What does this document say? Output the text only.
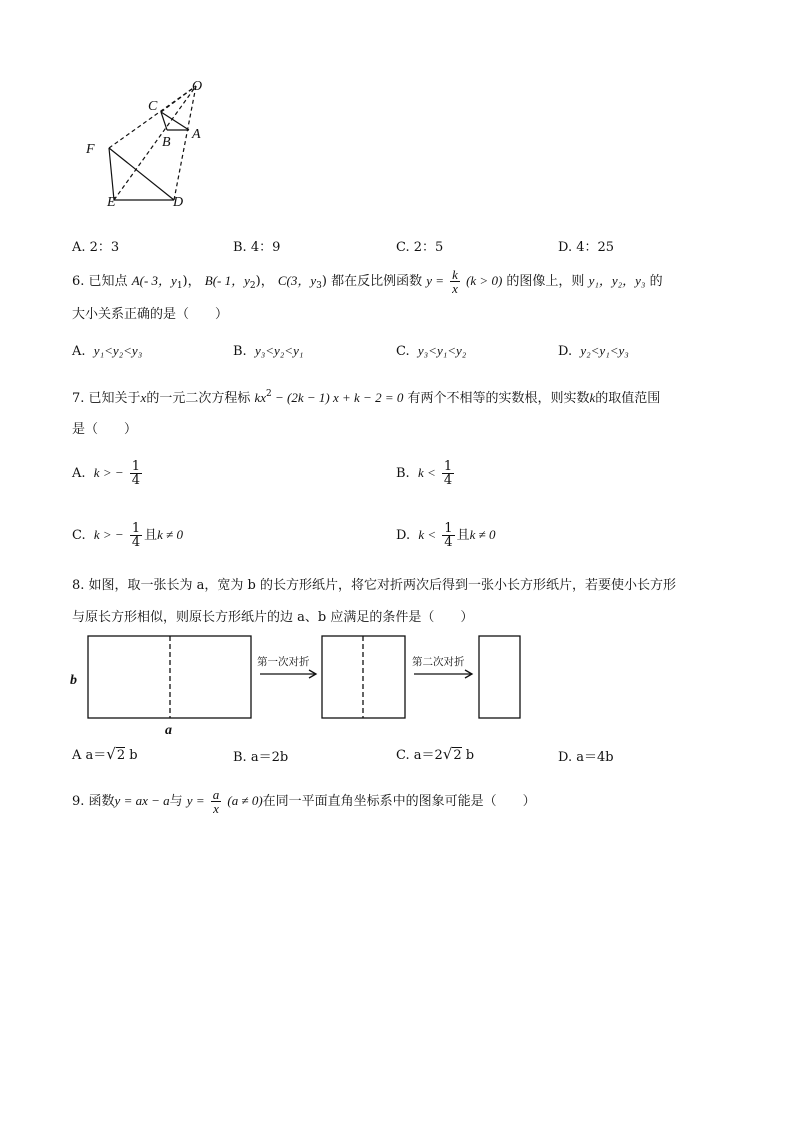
O
C
B
A
F
E	D
A. 2：3	B. 4：9	C. 2：5	D. 4：25
6. 已知点 A(- 3，$y_1$)， B(- 1，$y_2$)， C(3，$y_3$) 都在反比例函数 $y = \frac{k}{x} (k > 0)$ 的图像上，则 y₁，y₂，y₃ 的
大小关系正确的是（　　）
A. y₁<y₂<y₃	B. y₃<y₂<y₁	C. y₃<y₁<y₂	D. y₂<y₁<y₃
7. 已知关于x的一元二次方程标 $kx^2 - (2k - 1) x + k - 2 = 0$ 有两个不相等的实数根，则实数k的取值范围
是（　　）
A. k > − $\frac{1}{4}$	B. $k < \frac{1}{4}$
C. k > − $\frac{1}{4}$ 且k ≠ 0	D. $k < \frac{1}{4}$ 且k ≠ 0
8. 如图，取一张长为 a，宽为 b 的长方形纸片，将它对折两次后得到一张小长方形纸片，若要使小长方形
与原长方形相似，则原长方形纸片的边 a、b 应满足的条件是（　　）
b
a
第一次对折	第二次对折
A a＝√2 b	B. a＝2b	C. a＝2√2 b	D. a＝4b
9. 函数y = ax − a与 $y = \frac{a}{x} (a \ne 0)$在同一平面直角坐标系中的图象可能是（　　）
